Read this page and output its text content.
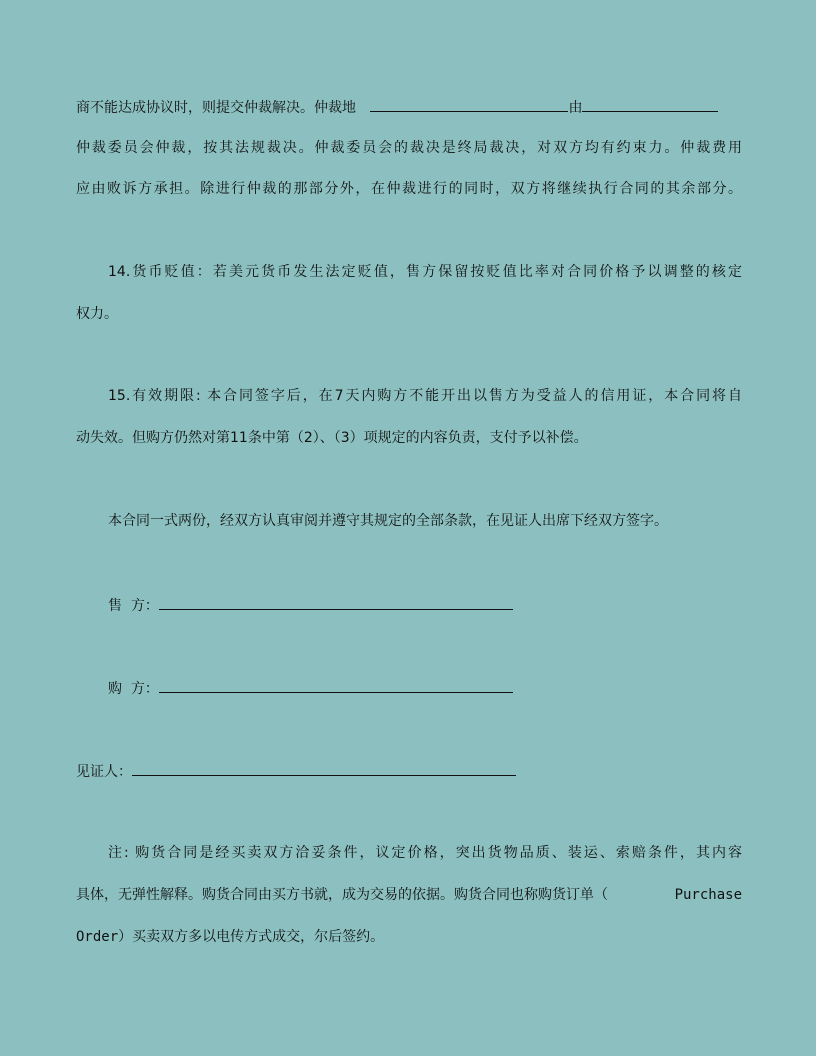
商不能达成协议时，则提交仲裁解决。仲裁地	由
仲裁委员会仲裁，按其法规裁决。仲裁委员会的裁决是终局裁决，对双方均有约束力。仲裁费用
应由败诉方承担。除进行仲裁的那部分外，在仲裁进行的同时，双方将继续执行合同的其余部分。
14.货币贬值：若美元货币发生法定贬值，售方保留按贬值比率对合同价格予以调整的核定
权力。
15.有效期限: 本合同签字后，在7天内购方不能开出以售方为受益人的信用证，本合同将自
动失效。但购方仍然对第11条中第（2）、（3）项规定的内容负责，支付予以补偿。
本合同一式两份，经双方认真审阅并遵守其规定的全部条款，在见证人出席下经双方签字。
售  方：
购  方：
见证人：
注: 购货合同是经买卖双方洽妥条件，议定价格，突出货物品质、装运、索赔条件，其内容
具体，无弹性解释。购货合同由买方书就，成为交易的依据。购货合同也称购货订单（	Purchase
Order）买卖双方多以电传方式成交，尔后签约。
